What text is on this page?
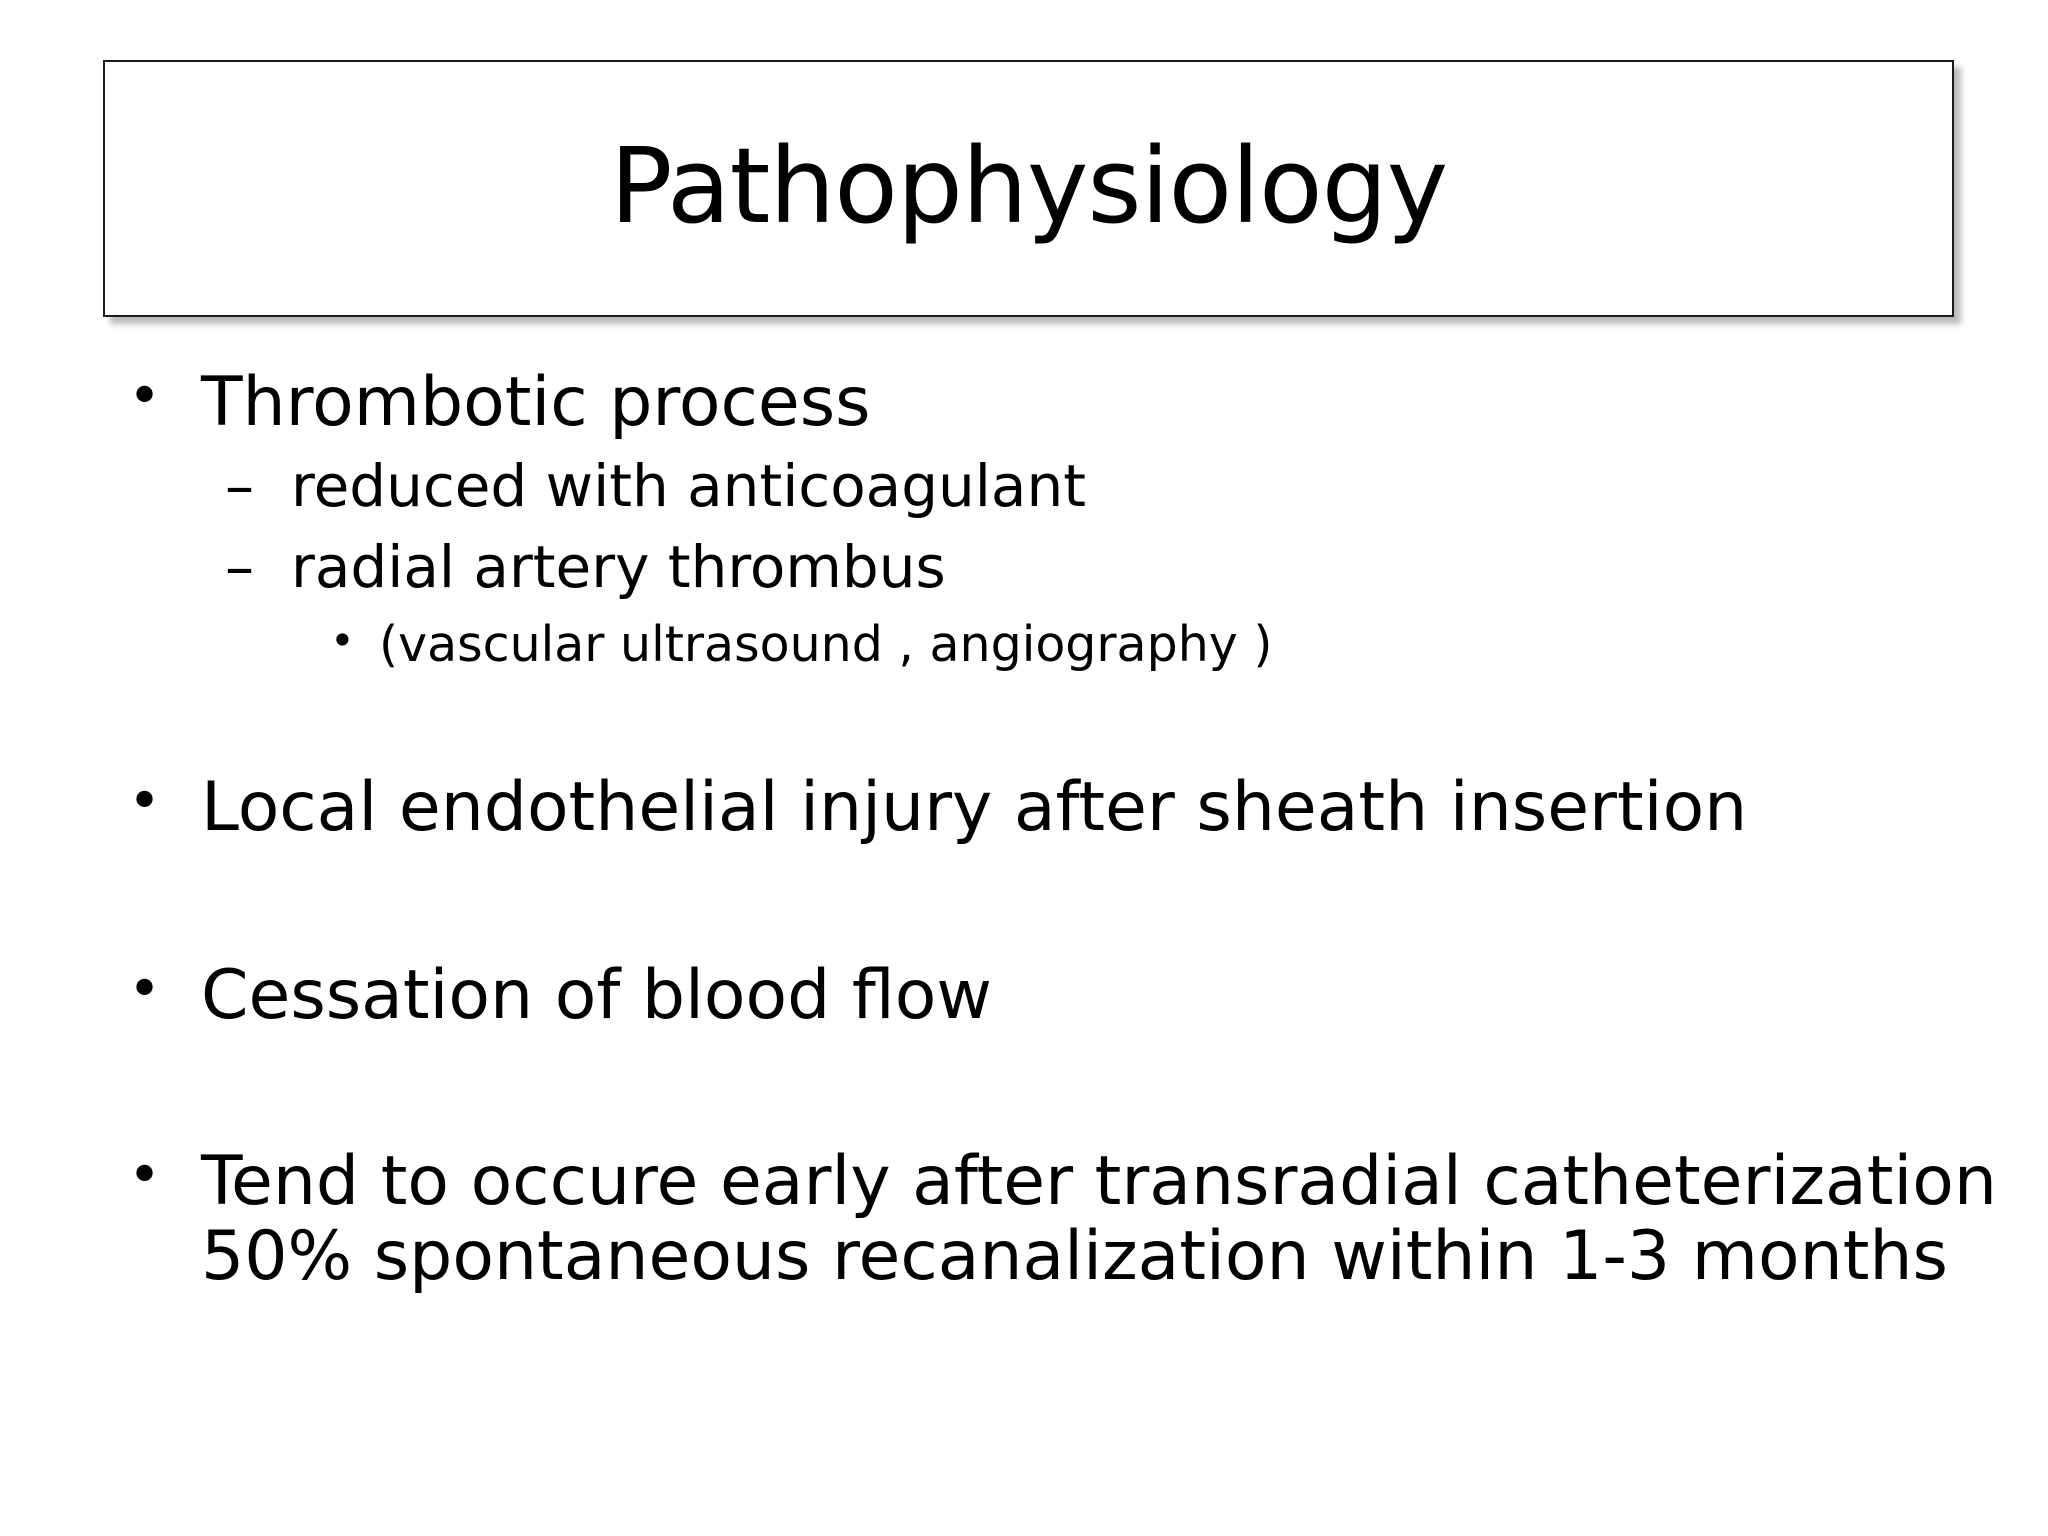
Pathophysiology
• Thrombotic process
– reduced with anticoagulant
– radial artery thrombus
• (vascular ultrasound , angiography )
• Local endothelial injury after sheath insertion
• Cessation of blood flow
• Tend to occure early after transradial catheterization
50% spontaneous recanalization within 1-3 months
